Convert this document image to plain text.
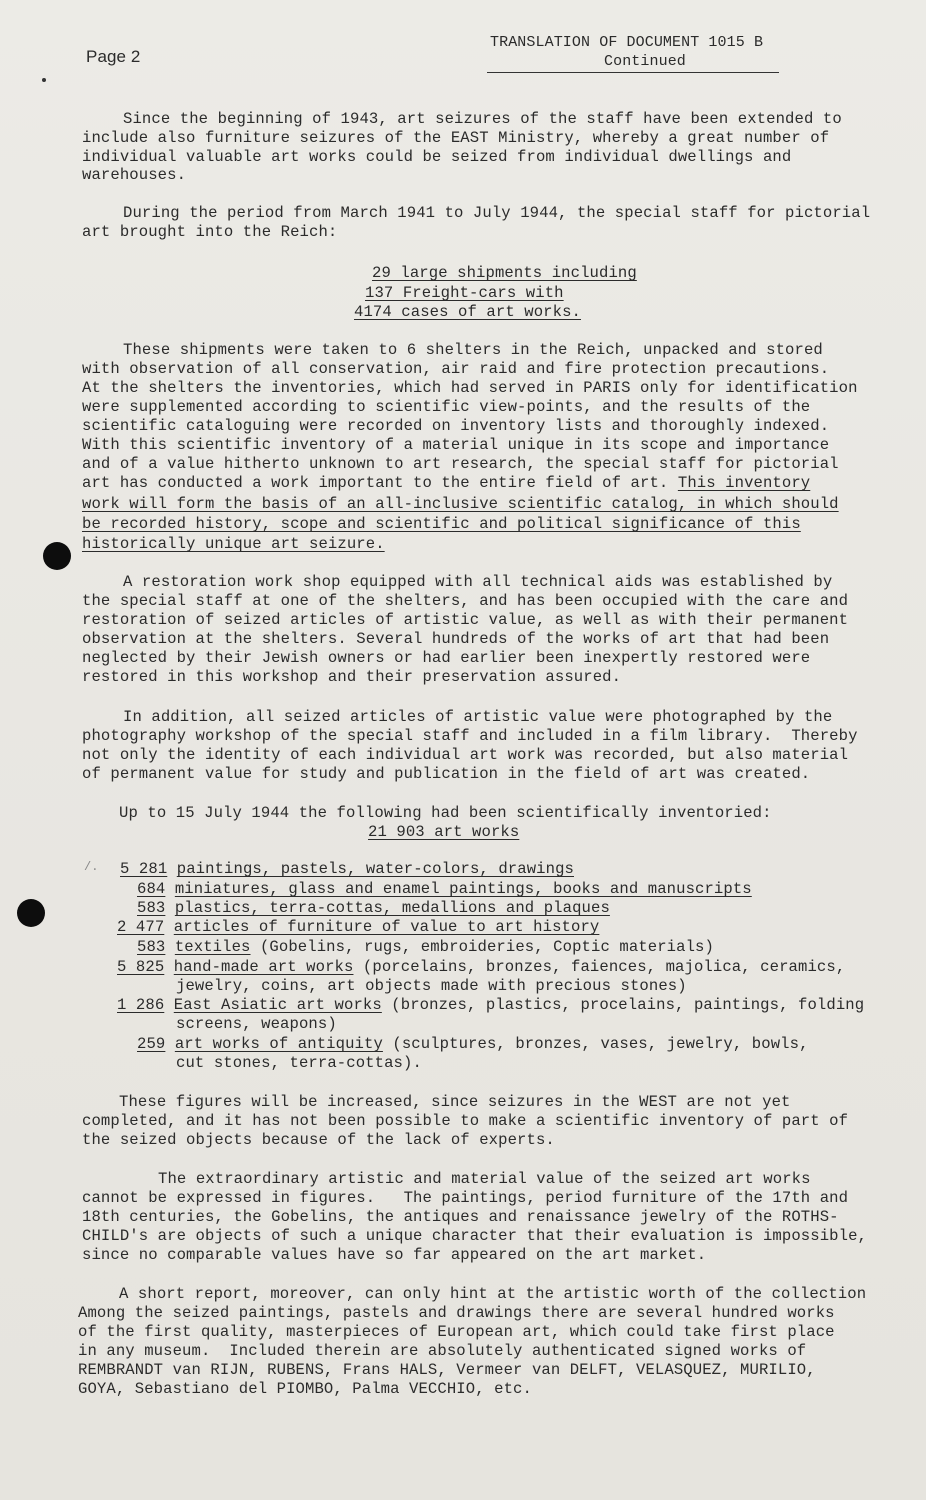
Page 2
TRANSLATION OF DOCUMENT 1015 B
Continued
Since the beginning of 1943, art seizures of the staff have been extended to
include also furniture seizures of the EAST Ministry, whereby a great number of
individual valuable art works could be seized from individual dwellings and
warehouses.
During the period from March 1941 to July 1944, the special staff for pictorial
art brought into the Reich:
29 large shipments including
137 Freight-cars with
4174 cases of art works.
These shipments were taken to 6 shelters in the Reich, unpacked and stored
with observation of all conservation, air raid and fire protection precautions.
At the shelters the inventories, which had served in PARIS only for identification
were supplemented according to scientific view-points, and the results of the
scientific cataloguing were recorded on inventory lists and thoroughly indexed.
With this scientific inventory of a material unique in its scope and importance
and of a value hitherto unknown to art research, the special staff for pictorial
art has conducted a work important to the entire field of art. This inventory
work will form the basis of an all-inclusive scientific catalog, in which should
be recorded history, scope and scientific and political significance of this
historically unique art seizure.
A restoration work shop equipped with all technical aids was established by
the special staff at one of the shelters, and has been occupied with the care and
restoration of seized articles of artistic value, as well as with their permanent
observation at the shelters. Several hundreds of the works of art that had been
neglected by their Jewish owners or had earlier been inexpertly restored were
restored in this workshop and their preservation assured.
In addition, all seized articles of artistic value were photographed by the
photography workshop of the special staff and included in a film library.  Thereby
not only the identity of each individual art work was recorded, but also material
of permanent value for study and publication in the field of art was created.
Up to 15 July 1944 the following had been scientifically inventoried:
21 903 art works
/. 5 281 paintings, pastels, water-colors, drawings
684 miniatures, glass and enamel paintings, books and manuscripts
583 plastics, terra-cottas, medallions and plaques
2 477 articles of furniture of value to art history
583 textiles (Gobelins, rugs, embroideries, Coptic materials)
5 825 hand-made art works (porcelains, bronzes, faiences, majolica, ceramics,
jewelry, coins, art objects made with precious stones)
1 286 East Asiatic art works (bronzes, plastics, procelains, paintings, folding
screens, weapons)
259 art works of antiquity (sculptures, bronzes, vases, jewelry, bowls,
cut stones, terra-cottas).
These figures will be increased, since seizures in the WEST are not yet
completed, and it has not been possible to make a scientific inventory of part of
the seized objects because of the lack of experts.
The extraordinary artistic and material value of the seized art works
cannot be expressed in figures.   The paintings, period furniture of the 17th and
18th centuries, the Gobelins, the antiques and renaissance jewelry of the ROTHS-
CHILD's are objects of such a unique character that their evaluation is impossible,
since no comparable values have so far appeared on the art market.
A short report, moreover, can only hint at the artistic worth of the collection
Among the seized paintings, pastels and drawings there are several hundred works
of the first quality, masterpieces of European art, which could take first place
in any museum.  Included therein are absolutely authenticated signed works of
REMBRANDT van RIJN, RUBENS, Frans HALS, Vermeer van DELFT, VELASQUEZ, MURILIO,
GOYA, Sebastiano del PIOMBO, Palma VECCHIO, etc.
